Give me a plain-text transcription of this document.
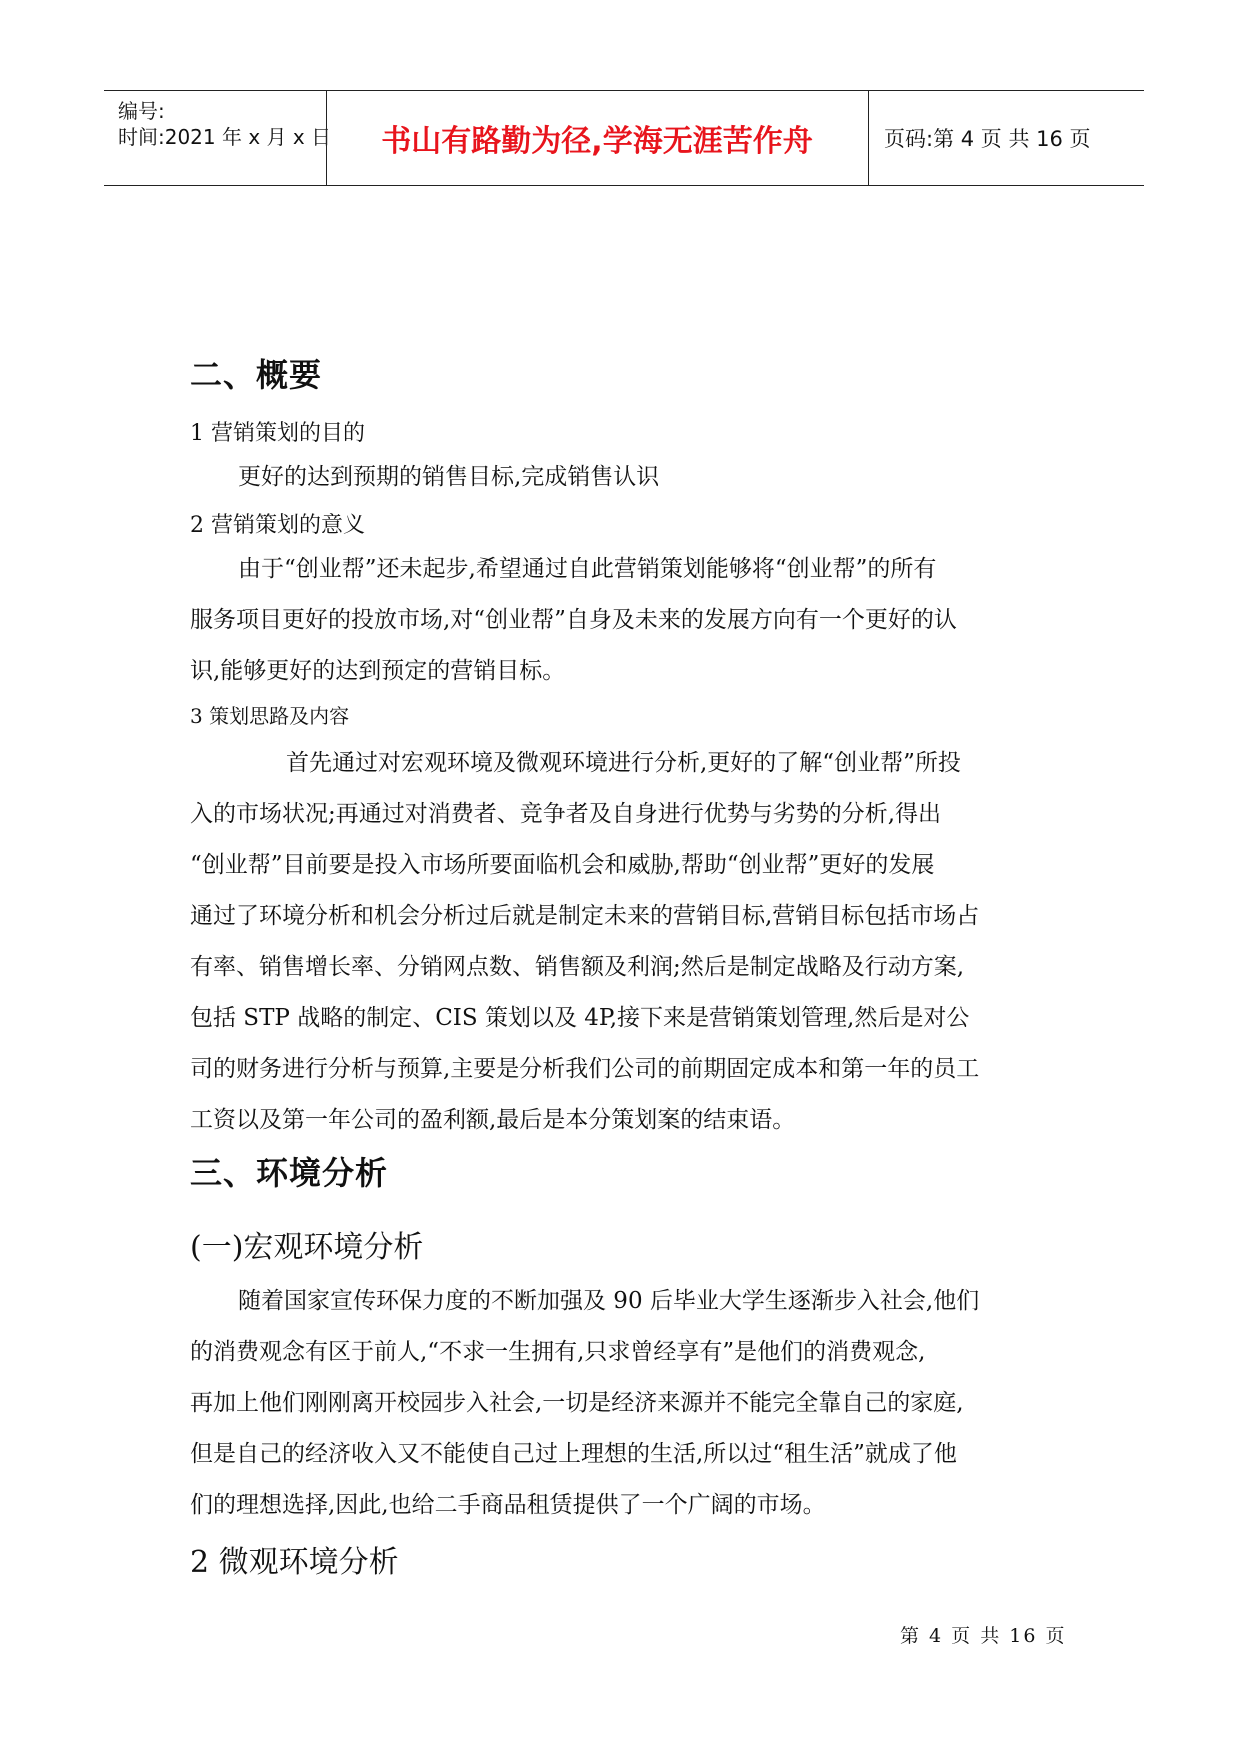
编号:
时间:2021 年 x 月 x 日	书山有路勤为径,学海无涯苦作舟	页码:第 4 页 共 16 页
二、概要
1 营销策划的目的
更好的达到预期的销售目标,完成销售认识
2 营销策划的意义
由于“创业帮”还未起步,希望通过自此营销策划能够将“创业帮”的所有
服务项目更好的投放市场,对“创业帮”自身及未来的发展方向有一个更好的认
识,能够更好的达到预定的营销目标。
3 策划思路及内容
首先通过对宏观环境及微观环境进行分析,更好的了解“创业帮”所投
入的市场状况;再通过对消费者、竞争者及自身进行优势与劣势的分析,得出
“创业帮”目前要是投入市场所要面临机会和威胁,帮助“创业帮”更好的发展
通过了环境分析和机会分析过后就是制定未来的营销目标,营销目标包括市场占
有率、销售增长率、分销网点数、销售额及利润;然后是制定战略及行动方案,
包括 STP 战略的制定、CIS 策划以及 4P,接下来是营销策划管理,然后是对公
司的财务进行分析与预算,主要是分析我们公司的前期固定成本和第一年的员工
工资以及第一年公司的盈利额,最后是本分策划案的结束语。
三、环境分析
(一)宏观环境分析
随着国家宣传环保力度的不断加强及 90 后毕业大学生逐渐步入社会,他们
的消费观念有区于前人,“不求一生拥有,只求曾经享有”是他们的消费观念,
再加上他们刚刚离开校园步入社会,一切是经济来源并不能完全靠自己的家庭,
但是自己的经济收入又不能使自己过上理想的生活,所以过“租生活”就成了他
们的理想选择,因此,也给二手商品租赁提供了一个广阔的市场。
2 微观环境分析
第 4 页 共 16 页
